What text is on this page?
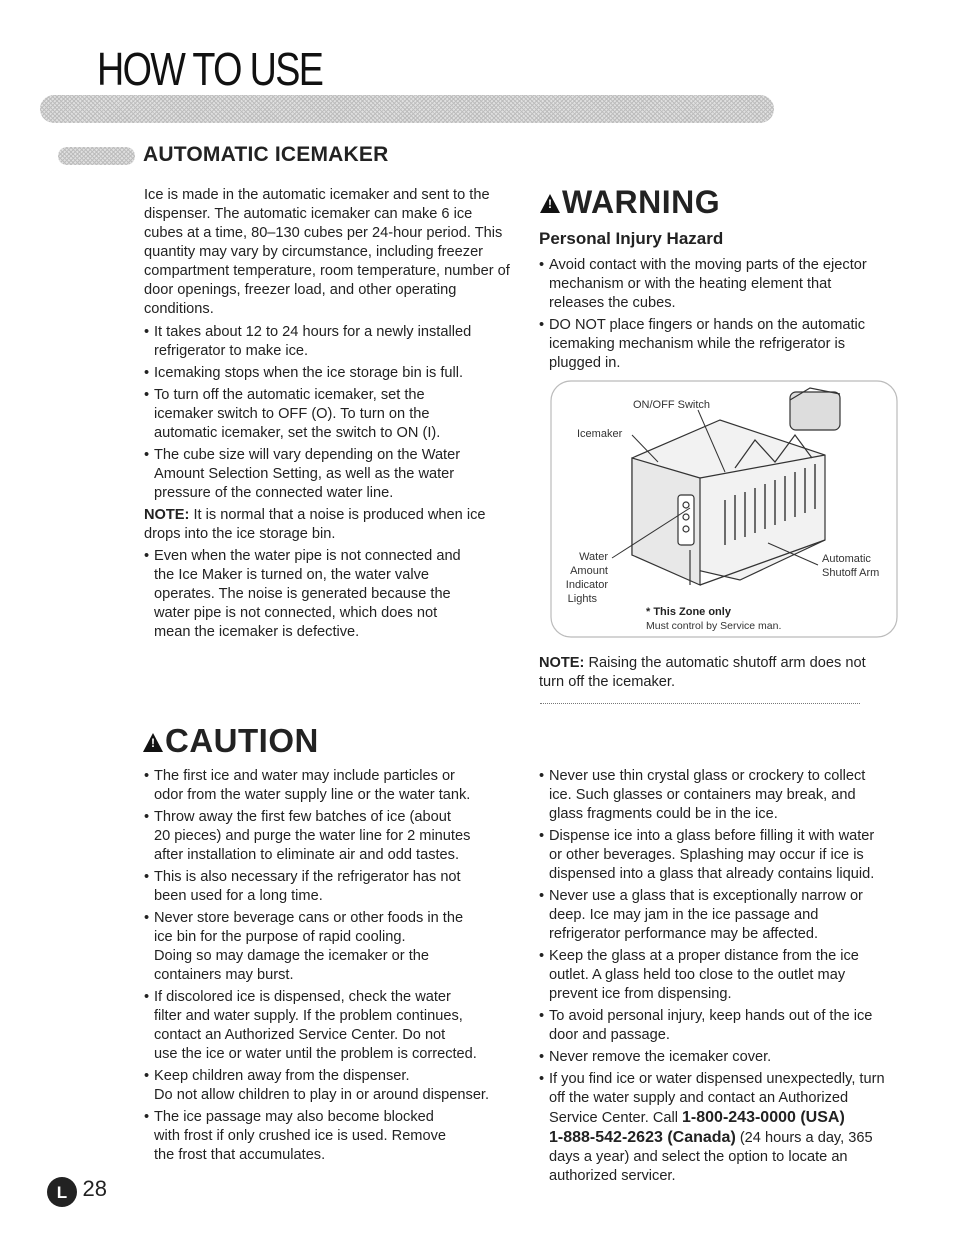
HOW TO USE
AUTOMATIC ICEMAKER

Ice is made in the automatic icemaker and sent to the dispenser. The automatic icemaker can make 6 ice cubes at a time, 80–130 cubes per 24-hour period. This quantity may vary by circumstance, including freezer compartment temperature, room temperature, number of door openings, freezer load, and other operating conditions.

• It takes about 12 to 24 hours for a newly installed
refrigerator to make ice.
• Icemaking stops when the ice storage bin is full.
• To turn off the automatic icemaker, set the
icemaker switch to OFF (O). To turn on the
automatic icemaker, set the switch to ON (I).
• The cube size will vary depending on the Water
Amount Selection Setting, as well as the water
pressure of the connected water line.

NOTE: It is normal that a noise is produced when ice drops into the ice storage bin.

• Even when the water pipe is not connected and
the Ice Maker is turned on, the water valve
operates. The noise is generated because the
water pipe is not connected, which does not
mean the icemaker is defective.
! WARNING
Personal Injury Hazard
• Avoid contact with the moving parts of the ejector
mechanism or with the heating element that
releases the cubes.
• DO NOT place fingers or hands on the automatic
icemaking mechanism while the refrigerator is
plugged in.
ON/OFF Switch
Icemaker
Water
Amount
Indicator
Lights
Automatic
Shutoff Arm
* This Zone only
Must control by Service man.

NOTE: Raising the automatic shutoff arm does not turn off the icemaker.

! CAUTION
• The first ice and water may include particles or
odor from the water supply line or the water tank.
• Throw away the first few batches of ice (about
20 pieces) and purge the water line for 2 minutes
after installation to eliminate air and odd tastes.
• This is also necessary if the refrigerator has not
been used for a long time.
• Never store beverage cans or other foods in the
ice bin for the purpose of rapid cooling.
Doing so may damage the icemaker or the
containers may burst.
• If discolored ice is dispensed, check the water
filter and water supply. If the problem continues,
contact an Authorized Service Center. Do not
use the ice or water until the problem is corrected.
• Keep children away from the dispenser.
Do not allow children to play in or around dispenser.
• The ice passage may also become blocked
with frost if only crushed ice is used. Remove
the frost that accumulates.
• Never use thin crystal glass or crockery to collect
ice. Such glasses or containers may break, and
glass fragments could be in the ice.
• Dispense ice into a glass before filling it with water
or other beverages. Splashing may occur if ice is
dispensed into a glass that already contains liquid.
• Never use a glass that is exceptionally narrow or
deep. Ice may jam in the ice passage and
refrigerator performance may be affected.
• Keep the glass at a proper distance from the ice
outlet. A glass held too close to the outlet may
prevent ice from dispensing.
• To avoid personal injury, keep hands out of the ice
door and passage.
• Never remove the icemaker cover.
• If you find ice or water dispensed unexpectedly, turn
off the water supply and contact an Authorized
Service Center. Call 1-800-243-0000 (USA)
1-888-542-2623 (Canada) (24 hours a day, 365
days a year) and select the option to locate an
authorized servicer.
L 28
